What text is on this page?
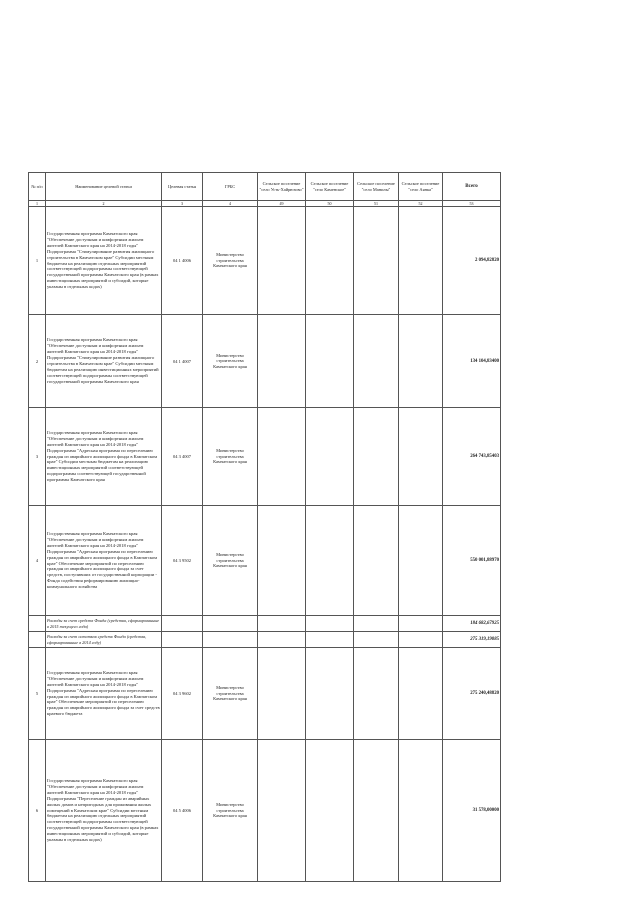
№ п/п	Наименование целевой статьи	Целевая статья	ГРБС	Сельское поселение "село Усть-Хайрюзово"	Сельское поселение "село Каменское"	Сельское поселение "село Манилы"	Сельское поселение "село Аянка"	Всего
1	2	3	4	49	50	51	52	53
1	Государственная программа Камчатского края "Обеспечение доступным и комфортным жильем жителей Камчатского края на 2014-2018 годы" Подпрограмма "Стимулирование развития жилищного строительства в Камчатском крае" Субсидии местным бюджетам на реализацию отдельных мероприятий соответствующей подпрограммы соответствующей государственной программы Камчатского края (в рамках инвестиционных мероприятий и субсидий, которые указаны в отдельных кодах)	04 1 4006	Министерство строительства Камчатского края					2 094,82820
2	Государственная программа Камчатского края "Обеспечение доступным и комфортным жильем жителей Камчатского края на 2014-2018 годы" Подпрограмма "Стимулирование развития жилищного строительства в Камчатском крае" Субсидии местным бюджетам на реализацию инвестиционных мероприятий соответствующей подпрограммы соответствующей государственной программы Камчатского края	04 1 4007	Министерство строительства Камчатского края					134 104,83400
3	Государственная программа Камчатского края "Обеспечение доступным и комфортным жильем жителей Камчатского края на 2014-2018 годы" Подпрограмма "Адресная программа по переселению граждан из аварийного жилищного фонда в Камчатском крае" Субсидии местным бюджетам на реализацию инвестиционных мероприятий соответствующей подпрограммы соответствующей государственной программы Камчатского края	04 3 4007	Министерство строительства Камчатского края					264 743,85403
4	Государственная программа Камчатского края "Обеспечение доступным и комфортным жильем жителей Камчатского края на 2014-2018 годы" Подпрограмма "Адресная программа по переселению граждан из аварийного жилищного фонда в Камчатском крае" Обеспечение мероприятий по переселению граждан из аварийного жилищного фонда за счет средств, поступивших от государственной корпорации - Фонда содействия реформированию жилищно-коммунального хозяйства	04 3 9502	Министерство строительства Камчатского края					550 001,88970
	Расходы за счет средств Фонда (средства, сформированные в 2015 текущего года)							184 682,67925
	Расходы за счет остатков средств Фонда (средства, сформированные в 2014 году)							275 319,19085
5	Государственная программа Камчатского края "Обеспечение доступным и комфортным жильем жителей Камчатского края на 2014-2018 годы" Подпрограмма "Адресная программа по переселению граждан из аварийного жилищного фонда в Камчатском крае" Обеспечение мероприятий по переселению граждан из аварийного жилищного фонда за счет средств краевого бюджета	04 3 9602	Министерство строительства Камчатского края					275 240,48820
6	Государственная программа Камчатского края "Обеспечение доступным и комфортным жильем жителей Камчатского края на 2014-2018 годы" Подпрограмма "Переселение граждан из аварийных жилых домов и непригодных для проживания жилых помещений в Камчатском крае" Субсидии местным бюджетам на реализацию отдельных мероприятий соответствующей подпрограммы соответствующей государственной программы Камчатского края (в рамках инвестиционных мероприятий и субсидий, которые указаны в отдельных кодах)	04 5 4006	Министерство строительства Камчатского края					31 578,00000
